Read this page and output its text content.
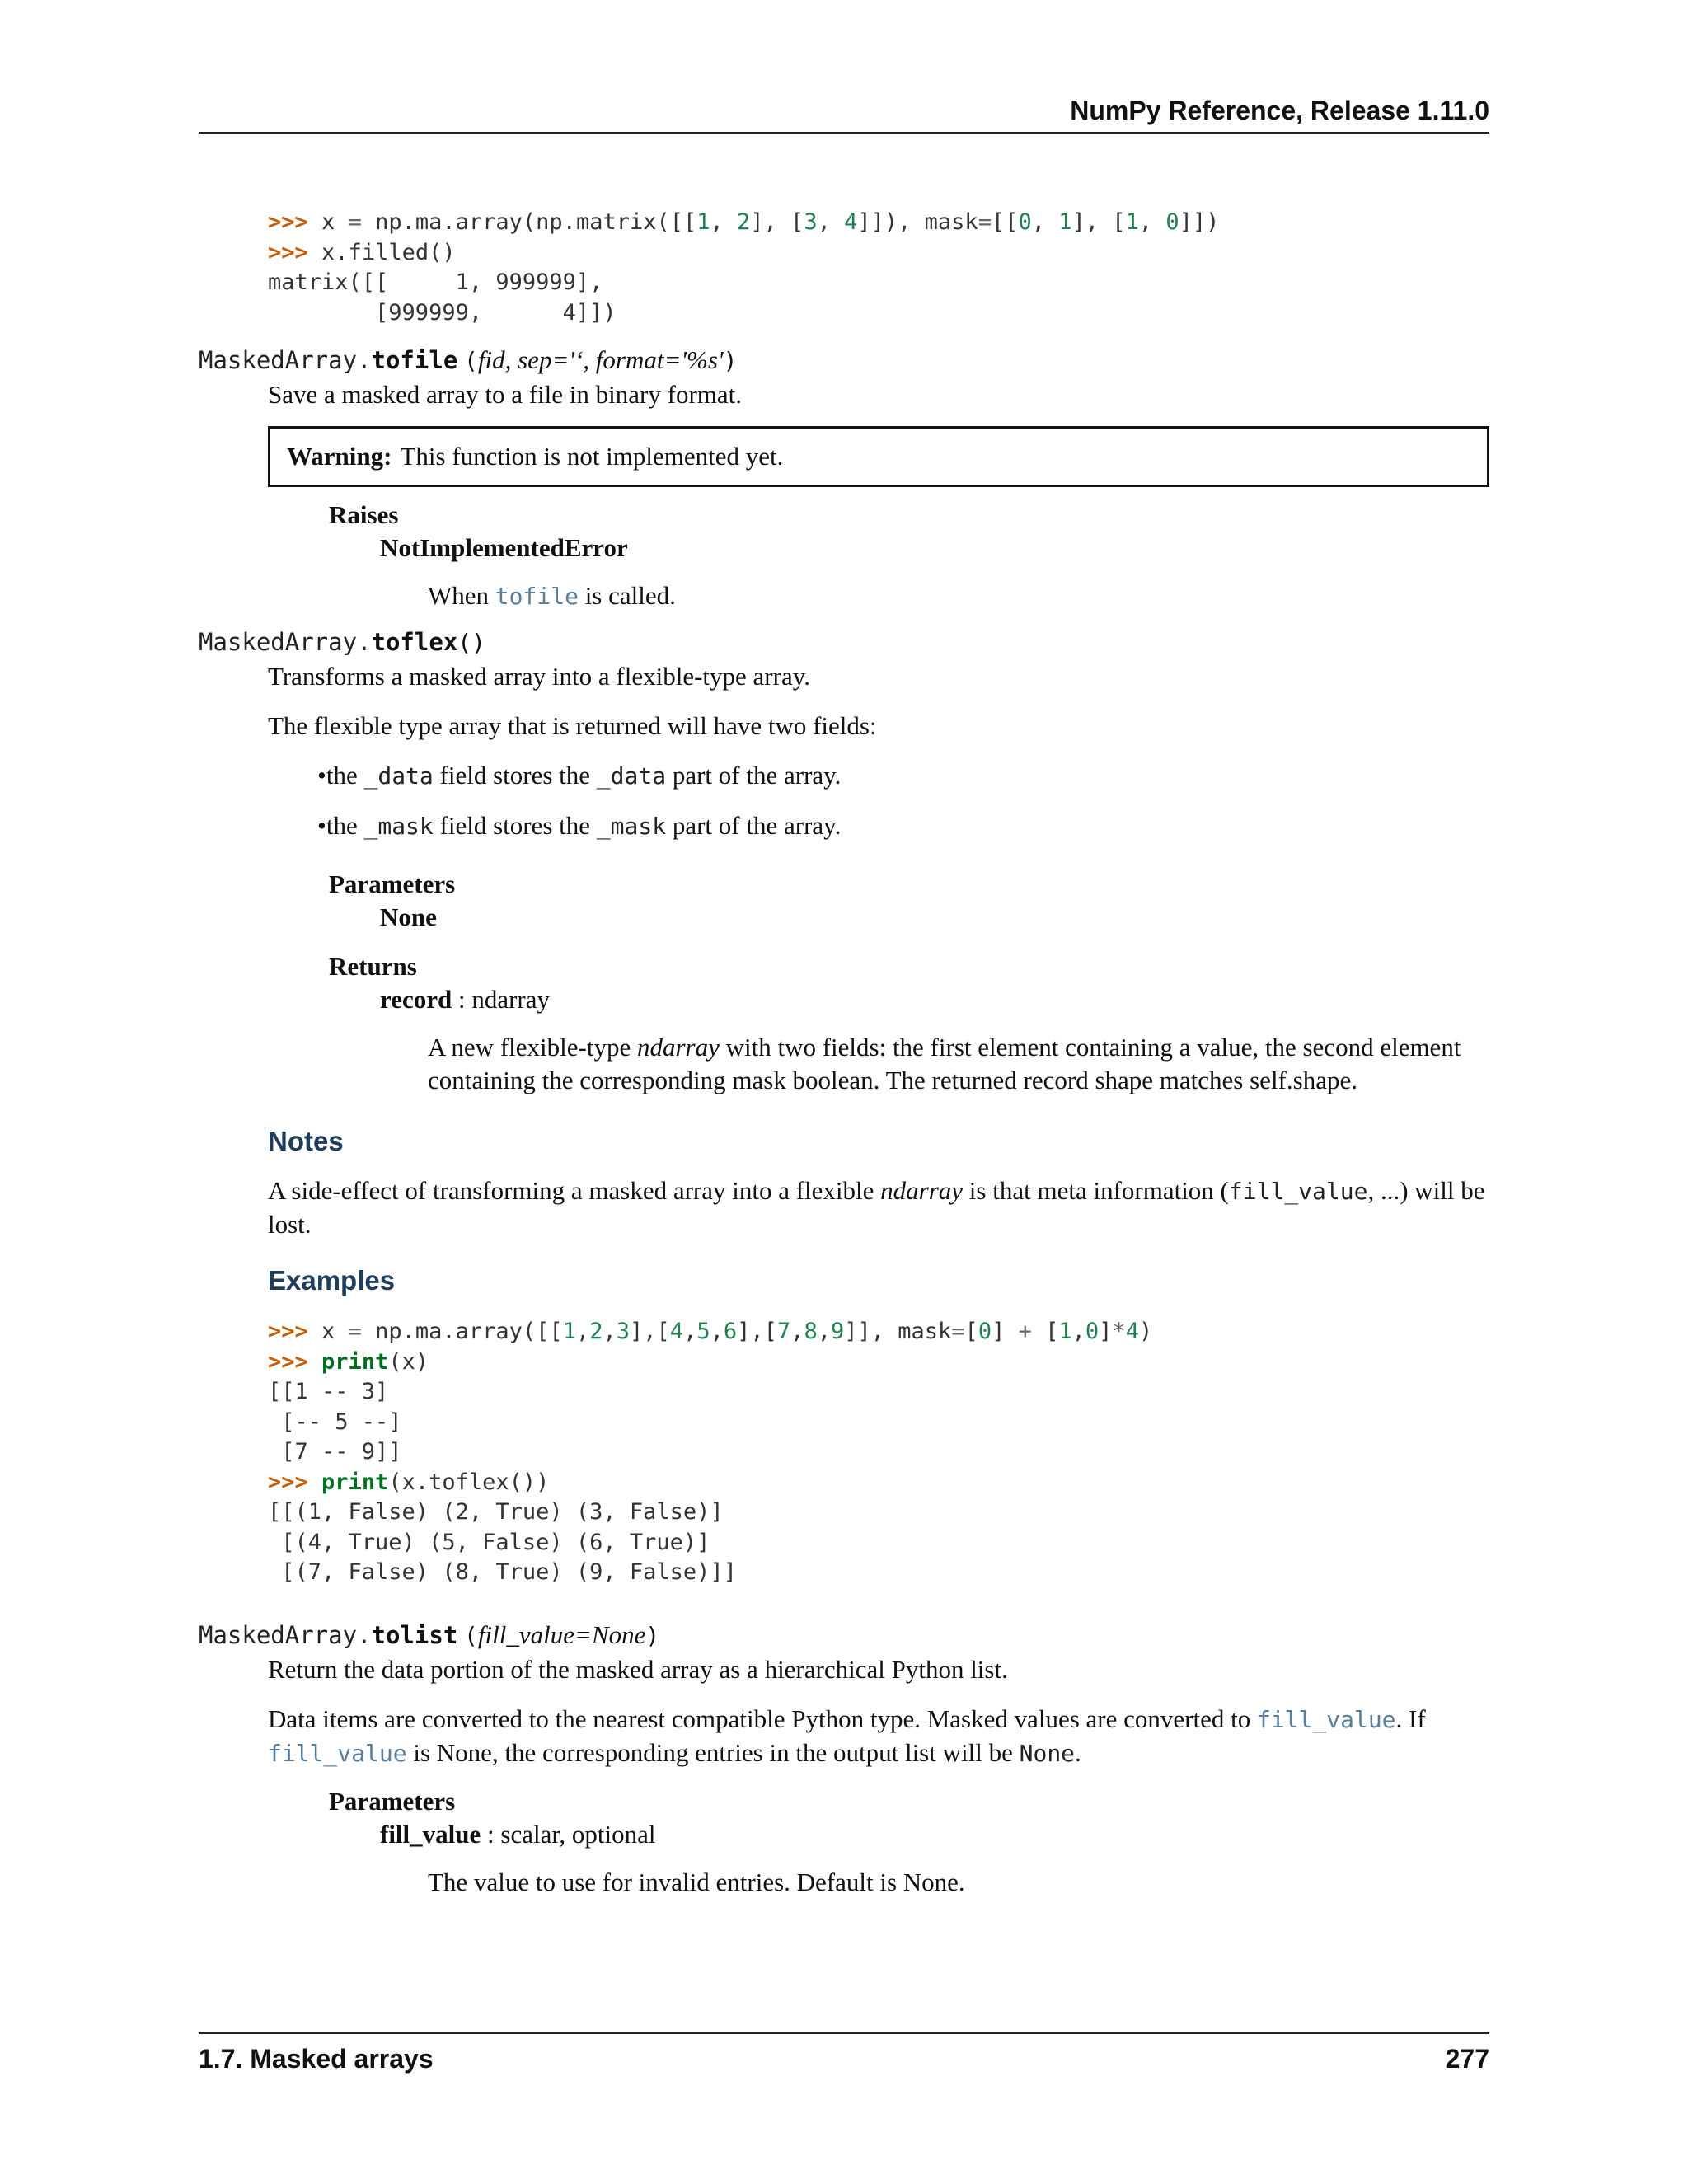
NumPy Reference, Release 1.11.0
>>> x = np.ma.array(np.matrix([[1, 2], [3, 4]]), mask=[[0, 1], [1, 0]])
>>> x.filled()
matrix([[     1, 999999],
[999999,      4]])

MaskedArray.tofile (fid, sep='‘, format='%s')

Save a masked array to a file in binary format.

Warning: This function is not implemented yet.
Raises
NotImplementedError

When tofile is called.

MaskedArray.toflex()

Transforms a masked array into a flexible-type array.

The flexible type array that is returned will have two fields:

•the _data field stores the _data part of the array.

•the _mask field stores the _mask part of the array.

Parameters
None
Returns
record : ndarray

A new flexible-type ndarray with two fields: the first element containing a value, the second element containing the corresponding mask boolean. The returned record shape matches self.shape.

Notes

A side-effect of transforming a masked array into a flexible ndarray is that meta information (fill_value, ...) will be lost.

Examples
>>> x = np.ma.array([[1,2,3],[4,5,6],[7,8,9]], mask=[0] + [1,0]*4)
>>> print(x)
[[1 -- 3]
[-- 5 --]
[7 -- 9]]
>>> print(x.toflex())
[[(1, False) (2, True) (3, False)]
[(4, True) (5, False) (6, True)]
[(7, False) (8, True) (9, False)]]

MaskedArray.tolist (fill_value=None)

Return the data portion of the masked array as a hierarchical Python list.

Data items are converted to the nearest compatible Python type. Masked values are converted to fill_value. If fill_value is None, the corresponding entries in the output list will be None.

Parameters
fill_value : scalar, optional

The value to use for invalid entries. Default is None.

1.7. Masked arrays	277
